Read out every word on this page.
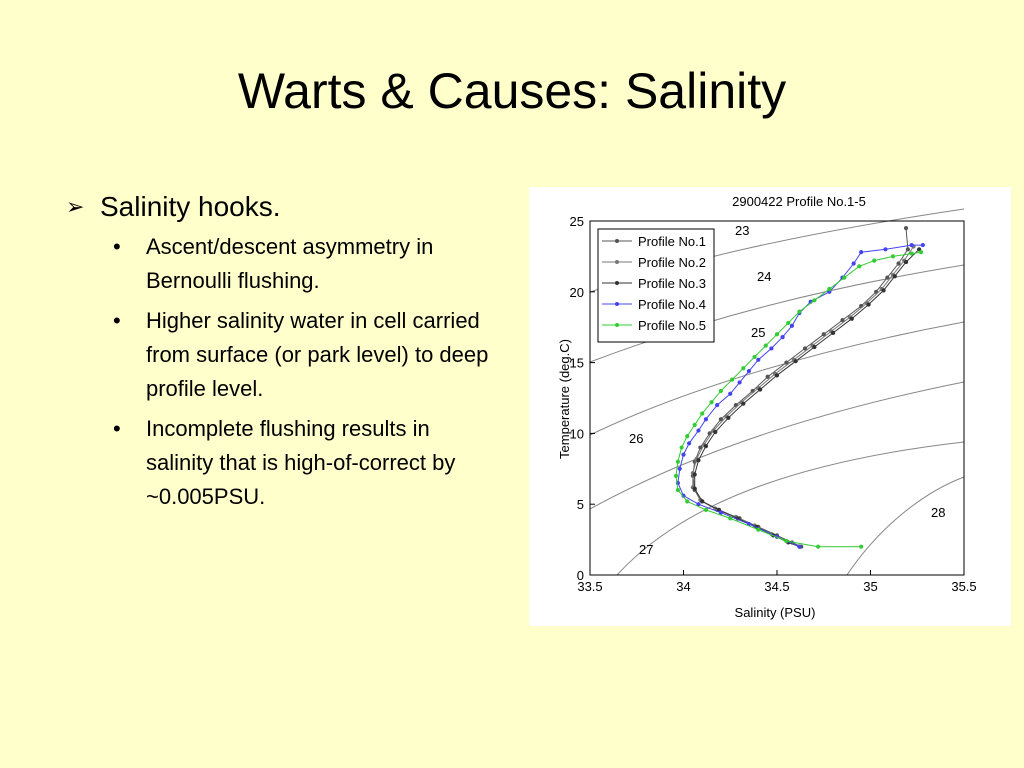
Warts & Causes: Salinity
➢ Salinity hooks.
• Ascent/descent asymmetry in Bernoulli flushing.
• Higher salinity water in cell carried from surface (or park level) to deep profile level.
• Incomplete flushing results in salinity that is high-of-correct by ~0.005PSU.
2900422 Profile No.1-5
23
24
25
26
27
28
33.5	34	34.5	35	35.5
0
5
10
15
20
25
Profile No.1
Profile No.2
Profile No.3
Profile No.4
Profile No.5
Salinity (PSU)
Temperature (deg.C)
